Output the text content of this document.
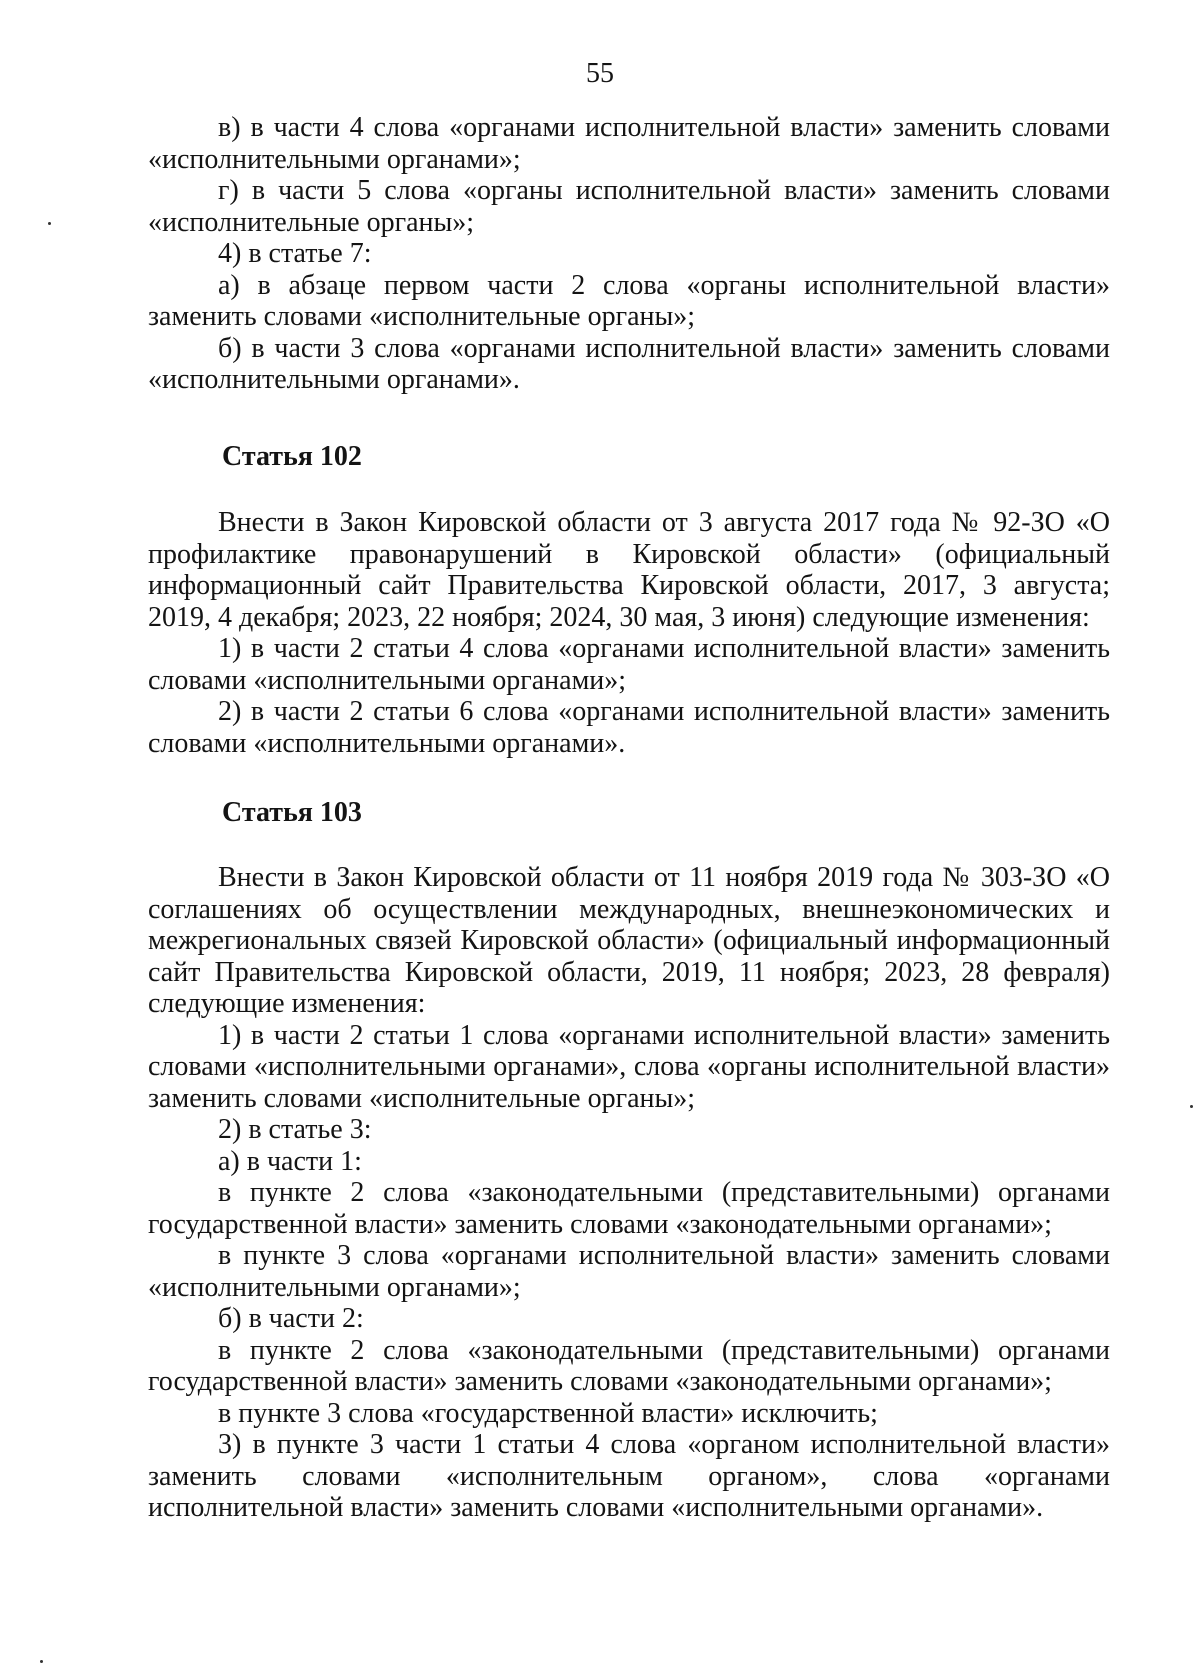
55

в) в части 4 слова «органами исполнительной власти» заменить словами «исполнительными органами»;

г) в части 5 слова «органы исполнительной власти» заменить словами «исполнительные органы»;

4) в статье 7:

а) в абзаце первом части 2 слова «органы исполнительной власти» заменить словами «исполнительные органы»;

б) в части 3 слова «органами исполнительной власти» заменить словами «исполнительными органами».

Статья 102

Внести в Закон Кировской области от 3 августа 2017 года № 92-ЗО «О профилактике правонарушений в Кировской области» (официальный информационный сайт Правительства Кировской области, 2017, 3 августа; 2019, 4 декабря; 2023, 22 ноября; 2024, 30 мая, 3 июня) следующие изменения:

1) в части 2 статьи 4 слова «органами исполнительной власти» заменить словами «исполнительными органами»;

2) в части 2 статьи 6 слова «органами исполнительной власти» заменить словами «исполнительными органами».

Статья 103

Внести в Закон Кировской области от 11 ноября 2019 года № 303-ЗО «О соглашениях об осуществлении международных, внешнеэкономических и межрегиональных связей Кировской области» (официальный информационный сайт Правительства Кировской области, 2019, 11 ноября; 2023, 28 февраля) следующие изменения:

1) в части 2 статьи 1 слова «органами исполнительной власти» заменить словами «исполнительными органами», слова «органы исполнительной власти» заменить словами «исполнительные органы»;

2) в статье 3:

а) в части 1:

в пункте 2 слова «законодательными (представительными) органами государственной власти» заменить словами «законодательными органами»;

в пункте 3 слова «органами исполнительной власти» заменить словами «исполнительными органами»;

б) в части 2:

в пункте 2 слова «законодательными (представительными) органами государственной власти» заменить словами «законодательными органами»;

в пункте 3 слова «государственной власти» исключить;

3) в пункте 3 части 1 статьи 4 слова «органом исполнительной власти» заменить словами «исполнительным органом», слова «органами исполнительной власти» заменить словами «исполнительными органами».
